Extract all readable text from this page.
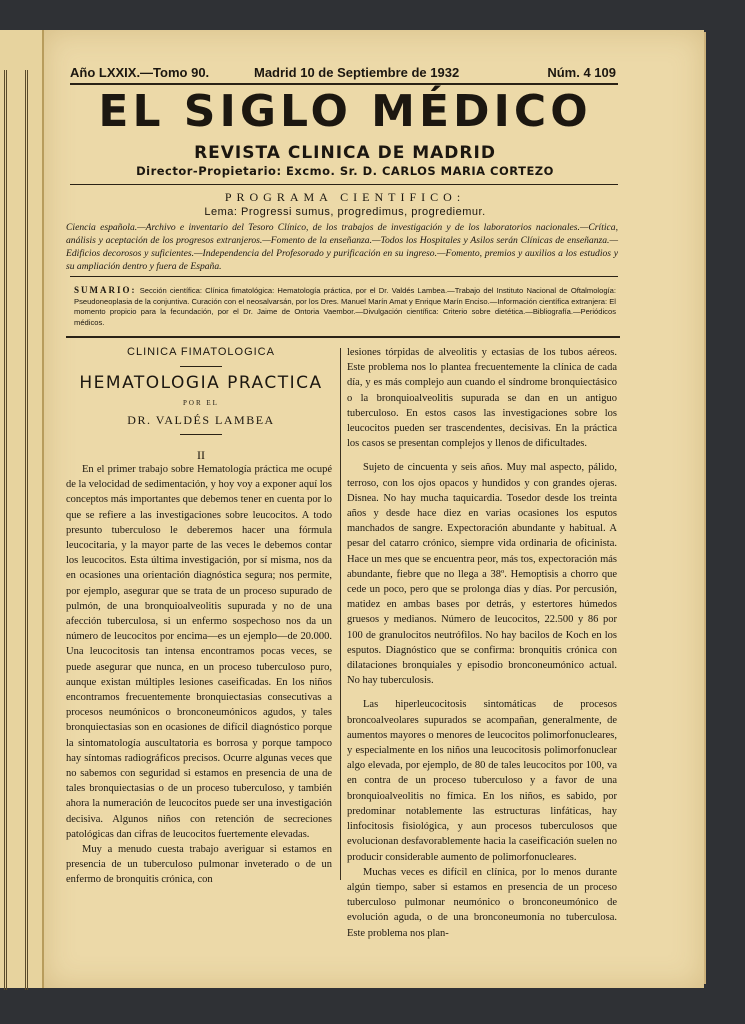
Año LXXIX.—Tomo 90.	Madrid 10 de Septiembre de 1932	Núm. 4 109
EL SIGLO MÉDICO
REVISTA CLINICA DE MADRID
Director-Propietario: Excmo. Sr. D. CARLOS MARIA CORTEZO
PROGRAMA CIENTIFICO:
Lema: Progressi sumus, progredimus, progrediemur.
Ciencia española.—Archivo e inventario del Tesoro Clínico, de los trabajos de investigación y de los laboratorios nacionales.—Crítica, análisis y aceptación de los progresos extranjeros.—Fomento de la enseñanza.—Todos los Hospitales y Asilos serán Clínicas de enseñanza.—Edificios decorosos y suficientes.—Independencia del Profesorado y purificación en su ingreso.—Fomento, premios y auxilios a los estudios y su ampliación dentro y fuera de España.
SUMARIO: Sección científica: Clínica fimatológica: Hematología práctica, por el Dr. Valdés Lambea.—Trabajo del Instituto Nacional de Oftalmología: Pseudoneoplasia de la conjuntiva. Curación con el neosalvarsán, por los Dres. Manuel Marín Amat y Enrique Marín Enciso.—Información científica extranjera: El momento propicio para la fecundación, por el Dr. Jaime de Ontoria Vaembor.—Divulgación científica: Criterio sobre dietética.—Bibliografía.—Periódicos médicos.
CLINICA FIMATOLOGICA
HEMATOLOGIA PRACTICA
POR EL
DR. VALDÉS LAMBEA
II

En el primer trabajo sobre Hematología práctica me ocupé de la velocidad de sedimentación, y hoy voy a exponer aquí los conceptos más importantes que debemos tener en cuenta por lo que se refiere a las investigaciones sobre leucocitos. A todo presunto tuberculoso le deberemos hacer una fórmula leucocitaria, y la mayor parte de las veces le debemos contar los leucocitos. Esta última investigación, por sí misma, nos da en ocasiones una orientación diagnóstica segura; nos permite, por ejemplo, asegurar que se trata de un proceso supurado de pulmón, de una bronquioalveolitis supurada y no de una afección tuberculosa, si un enfermo sospechoso nos da un número de leucocitos por encima—es un ejemplo—de 20.000. Una leucocitosis tan intensa encontramos pocas veces, se puede asegurar que nunca, en un proceso tuberculoso puro, aunque existan múltiples lesiones caseificadas. En los niños encontramos frecuentemente bronquiectasias consecutivas a procesos neumónicos o bronconeumónicos agudos, y tales bronquiectasias son en ocasiones de difícil diagnóstico porque la sintomatología auscultatoria es borrosa y porque tampoco hay síntomas radiográficos precisos. Ocurre algunas veces que no sabemos con seguridad si estamos en presencia de una de tales bronquiectasias o de un proceso tuberculoso, y también ahora la numeración de leucocitos puede ser una investigación decisiva. Algunos niños con retención de secreciones patológicas dan cifras de leucocitos fuertemente elevadas.

Muy a menudo cuesta trabajo averiguar si estamos en presencia de un tuberculoso pulmonar inveterado o de un enfermo de bronquitis crónica, con

lesiones tórpidas de alveolitis y ectasias de los tubos aéreos. Este problema nos lo plantea frecuentemente la clínica de cada día, y es más complejo aun cuando el síndrome bronquiectásico o la bronquioalveolitis supurada se dan en un antiguo tuberculoso. En estos casos las investigaciones sobre los leucocitos pueden ser trascendentes, decisivas. En la práctica los casos se presentan complejos y llenos de dificultades.

Sujeto de cincuenta y seis años. Muy mal aspecto, pálido, terroso, con los ojos opacos y hundidos y con grandes ojeras. Disnea. No hay mucha taquicardia. Tosedor desde los treinta años y desde hace diez en varias ocasiones los esputos manchados de sangre. Expectoración abundante y habitual. A pesar del catarro crónico, siempre vida ordinaria de oficinista. Hace un mes que se encuentra peor, más tos, expectoración más abundante, fiebre que no llega a 38º. Hemoptisis a chorro que cede un poco, pero que se prolonga días y días. Por percusión, matidez en ambas bases por detrás, y estertores húmedos gruesos y medianos. Número de leucocitos, 22.500 y 86 por 100 de granulocitos neutrófilos. No hay bacilos de Koch en los esputos. Diagnóstico que se confirma: bronquitis crónica con dilataciones bronquiales y episodio bronconeumónico actual. No hay tuberculosis.

Las hiperleucocitosis sintomáticas de procesos broncoalveolares supurados se acompañan, generalmente, de aumentos mayores o menores de leucocitos polimorfonucleares, y especialmente en los niños una leucocitosis polimorfonuclear algo elevada, por ejemplo, de 80 de tales leucocitos por 100, va en contra de un proceso tuberculoso y a favor de una bronquioalveolitis no fímica. En los niños, es sabido, por predominar notablemente las estructuras linfáticas, hay linfocitosis fisiológica, y aun procesos tuberculosos que evolucionan desfavorablemente hacia la caseificación suelen no producir considerable aumento de polimorfonucleares.

Muchas veces es difícil en clínica, por lo menos durante algún tiempo, saber si estamos en presencia de un proceso tuberculoso pulmonar neumónico o bronconeumónico de evolución aguda, o de una bronconeumonía no tuberculosa. Este problema nos plan-
